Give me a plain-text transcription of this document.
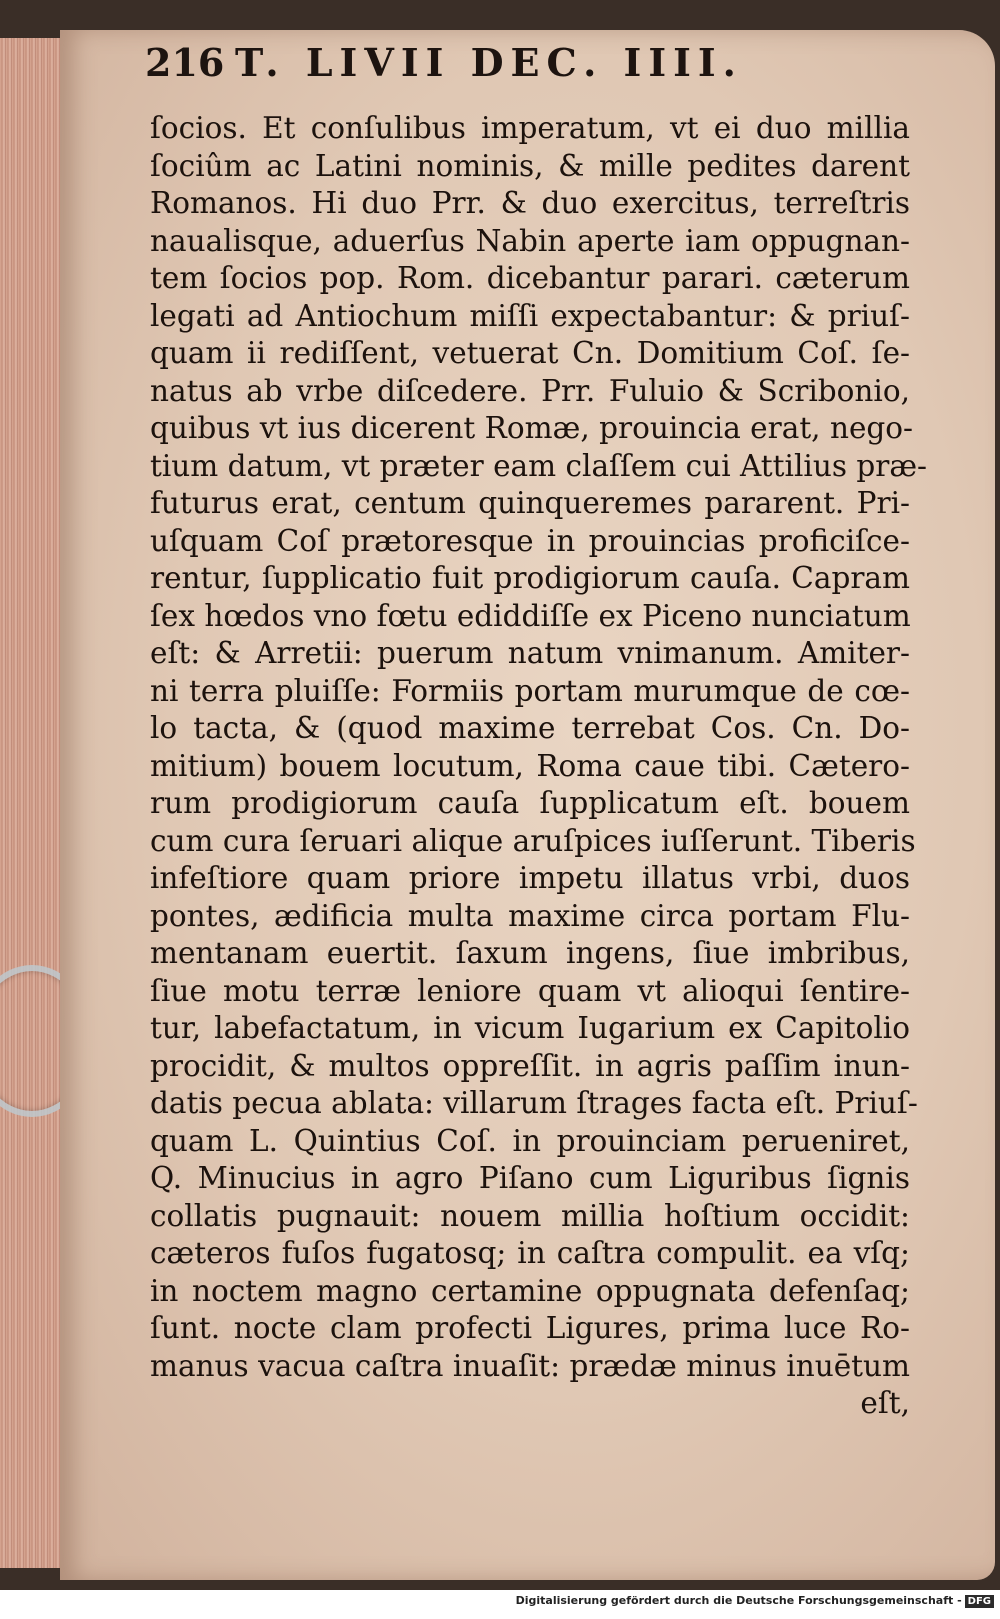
216 T. LIVII DEC. IIII.
ſocios. Et conſulibus imperatum, vt ei duo millia
ſociûm ac Latini nominis, & mille pedites darent
Romanos. Hi duo Prr. & duo exercitus, terreſtris
naualisque, aduerſus Nabin aperte iam oppugnan-
tem ſocios pop. Rom. dicebantur parari. cæterum
legati ad Antiochum miſſi expectabantur: & priuſ-
quam ii rediſſent, vetuerat Cn. Domitium Coſ. ſe-
natus ab vrbe diſcedere. Prr. Fuluio & Scribonio,
quibus vt ius dicerent Romæ, prouincia erat, nego-
tium datum, vt præter eam claſſem cui Attilius præ-
futurus erat, centum quinqueremes pararent. Pri-
uſquam Coſ prætoresque in prouincias proficiſce-
rentur, ſupplicatio fuit prodigiorum cauſa. Capram
ſex hœdos vno fœtu ediddiſſe ex Piceno nunciatum
eſt: & Arretii: puerum natum vnimanum. Amiter-
ni terra pluiſſe: Formiis portam murumque de cœ-
lo tacta, & (quod maxime terrebat Cos. Cn. Do-
mitium) bouem locutum, Roma caue tibi. Cætero-
rum prodigiorum cauſa ſupplicatum eſt. bouem
cum cura ſeruari alique aruſpices iuſſerunt. Tiberis
infeſtiore quam priore impetu illatus vrbi, duos
pontes, ædificia multa maxime circa portam Flu-
mentanam euertit. ſaxum ingens, ſiue imbribus,
ſiue motu terræ leniore quam vt alioqui ſentire-
tur, labefactatum, in vicum Iugarium ex Capitolio
procidit, & multos oppreſſit. in agris paſſim inun-
datis pecua ablata: villarum ſtrages facta eſt. Priuſ-
quam L. Quintius Coſ. in prouinciam perueniret,
Q. Minucius in agro Piſano cum Liguribus ſignis
collatis pugnauit: nouem millia hoſtium occidit:
cæteros fuſos fugatosq; in caſtra compulit. ea vſq;
in noctem magno certamine oppugnata defenſaq;
ſunt. nocte clam profecti Ligures, prima luce Ro-
manus vacua caſtra inuaſit: prædæ minus inuētum
eſt,
Digitalisierung gefördert durch die Deutsche Forschungsgemeinschaft - DFG
